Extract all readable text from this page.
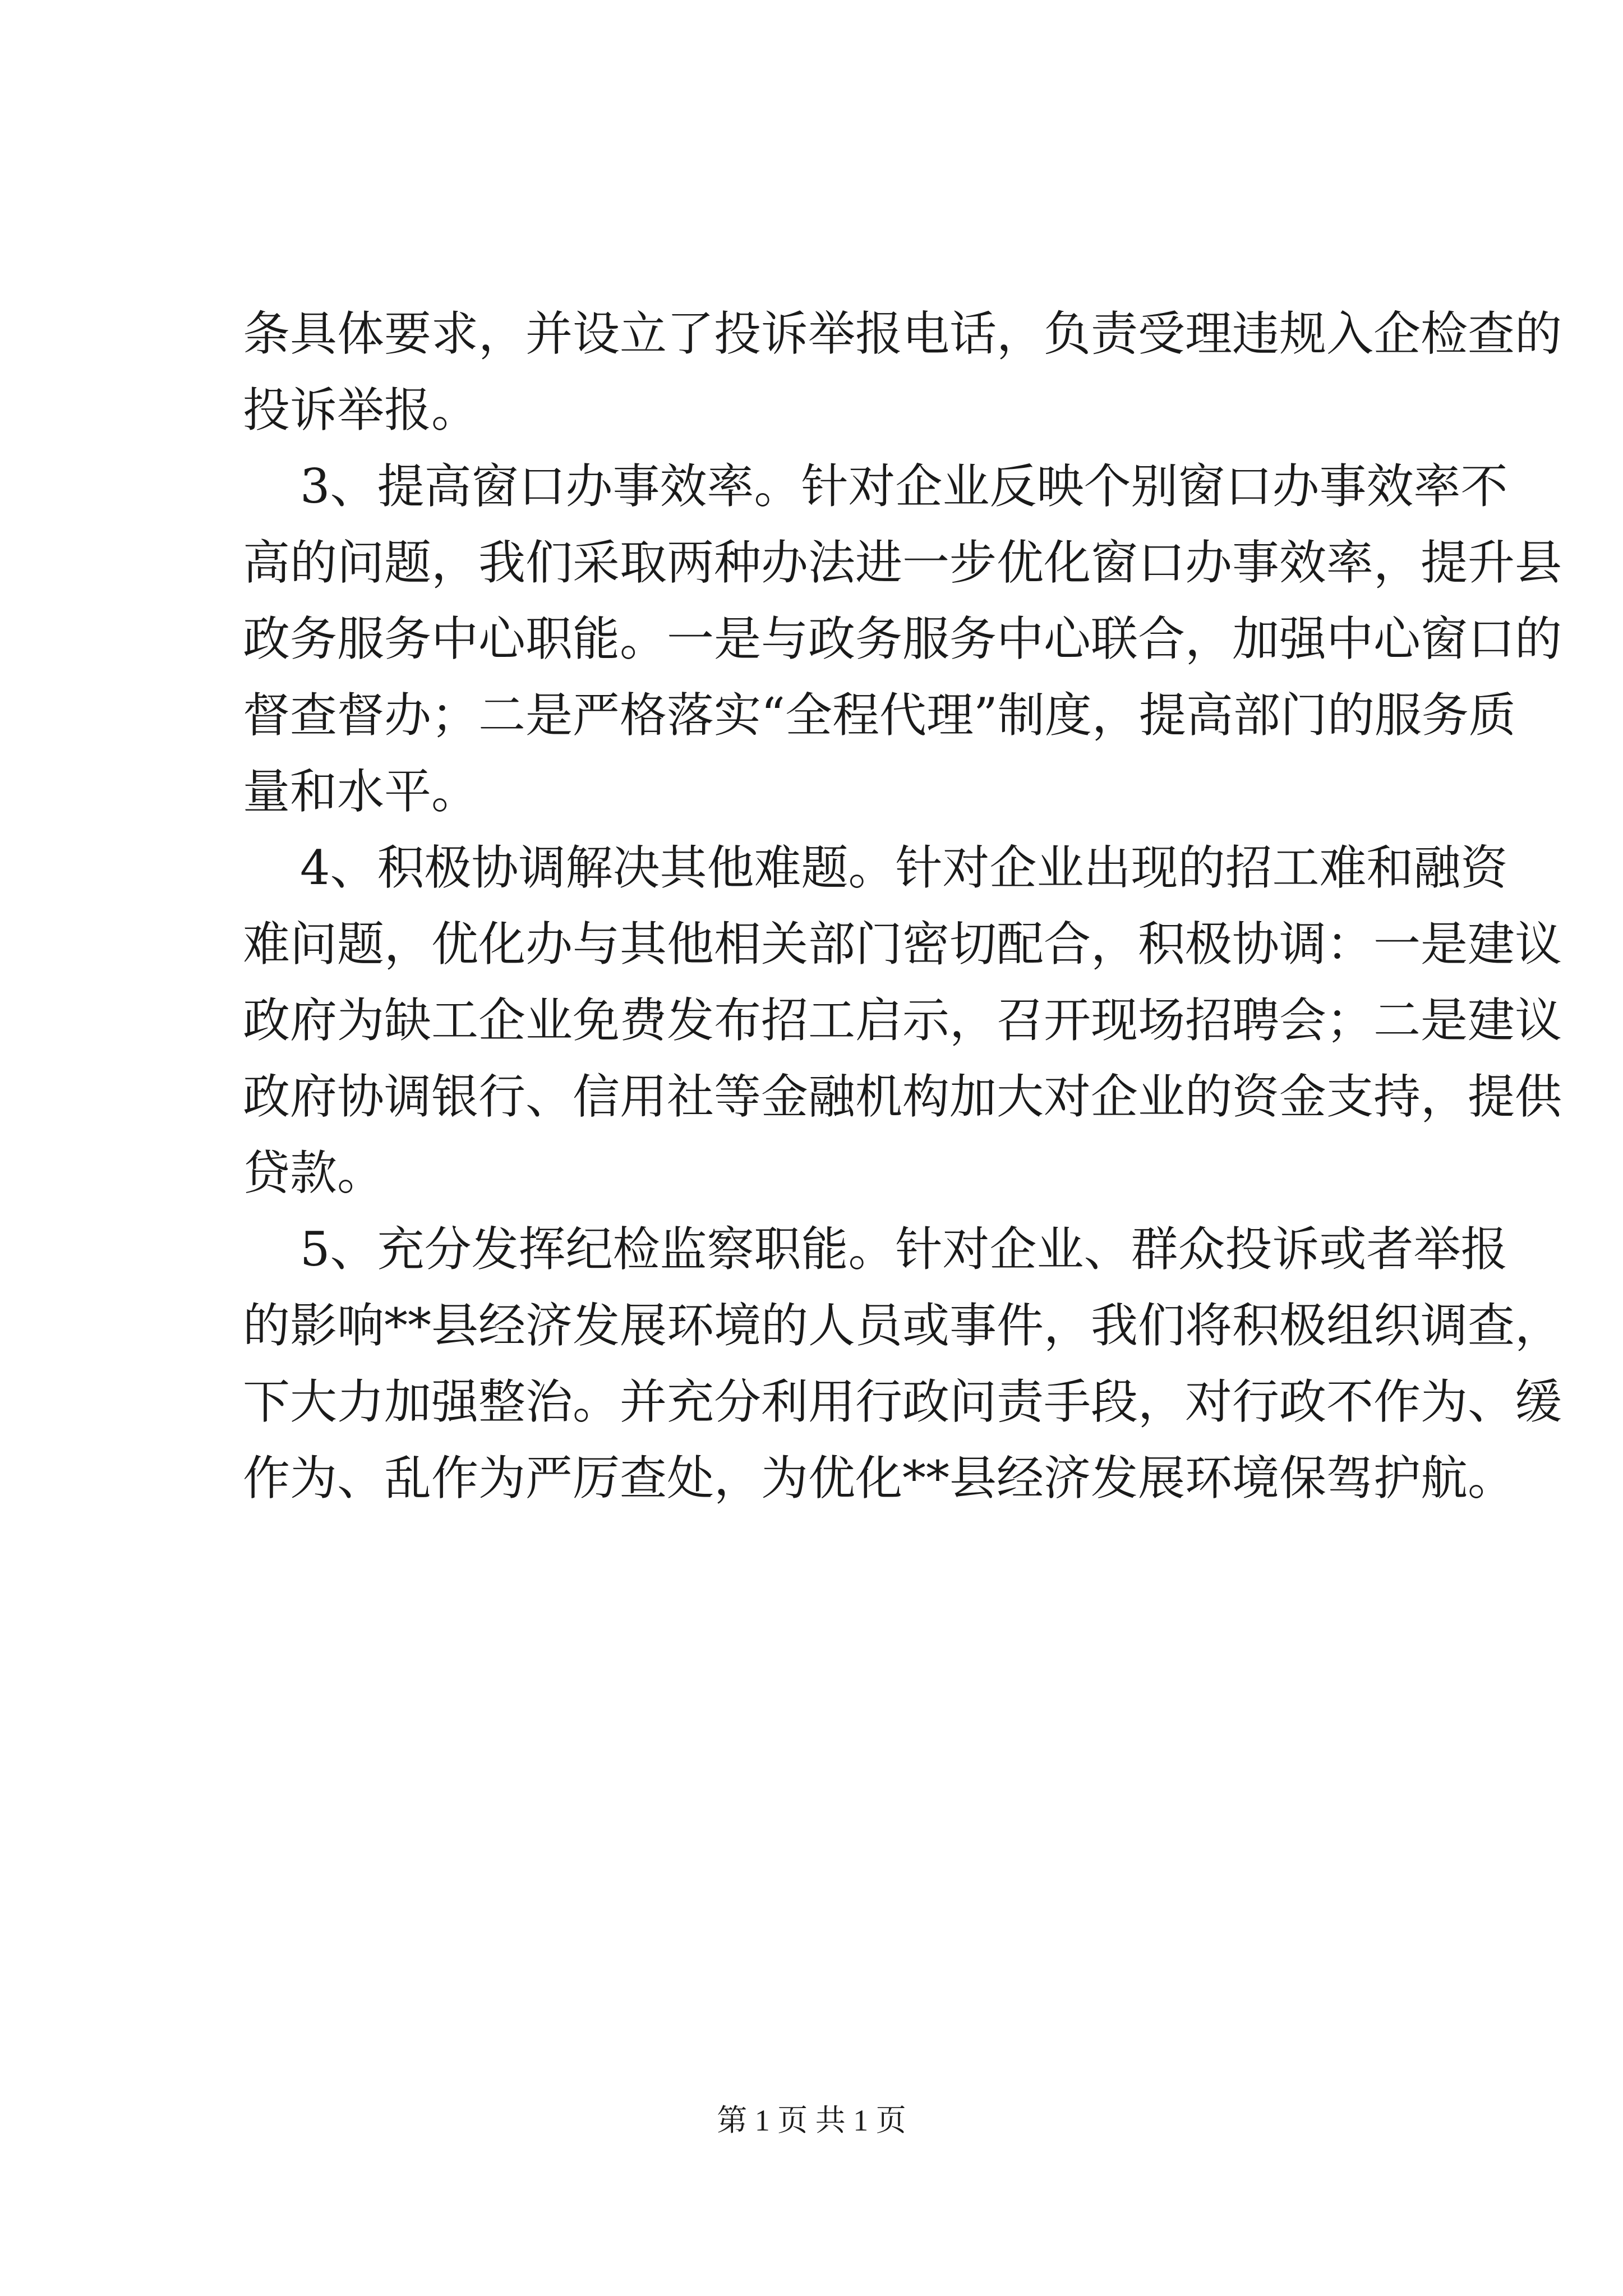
条具体要求，并设立了投诉举报电话，负责受理违规入企检查的
投诉举报。
3、提高窗口办事效率。针对企业反映个别窗口办事效率不
高的问题，我们采取两种办法进一步优化窗口办事效率，提升县
政务服务中心职能。一是与政务服务中心联合，加强中心窗口的
督查督办；二是严格落实“全程代理”制度，提高部门的服务质
量和水平。
4、积极协调解决其他难题。针对企业出现的招工难和融资
难问题，优化办与其他相关部门密切配合，积极协调：一是建议
政府为缺工企业免费发布招工启示，召开现场招聘会；二是建议
政府协调银行、信用社等金融机构加大对企业的资金支持，提供
贷款。
5、充分发挥纪检监察职能。针对企业、群众投诉或者举报
的影响**县经济发展环境的人员或事件，我们将积极组织调查，
下大力加强整治。并充分利用行政问责手段，对行政不作为、缓
作为、乱作为严厉查处，为优化**县经济发展环境保驾护航。
第 1 页 共 1 页
